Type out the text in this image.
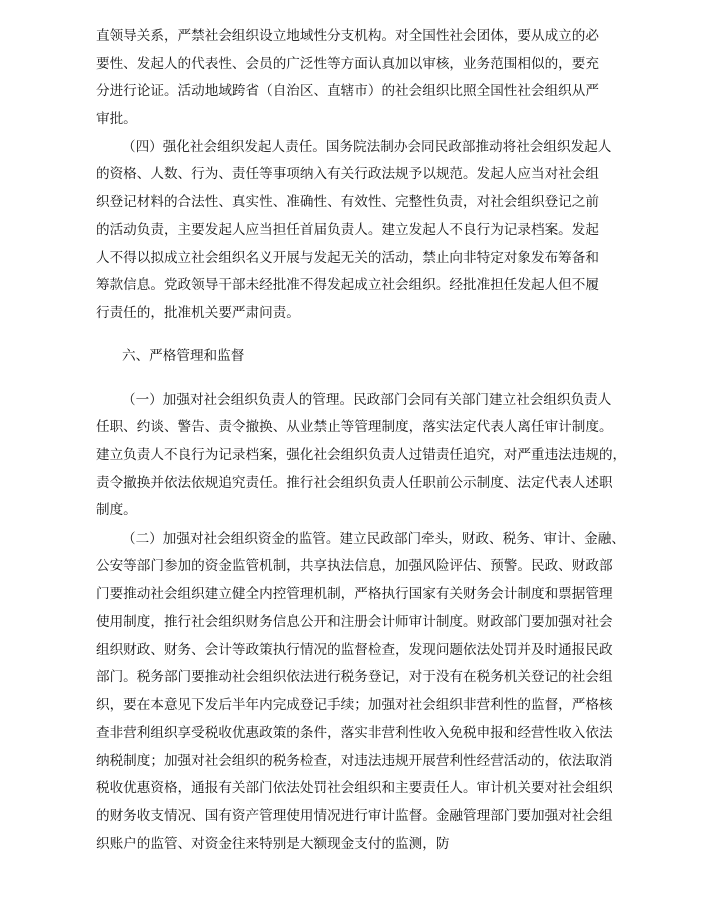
直领导关系，严禁社会组织设立地域性分支机构。对全国性社会团体，要从成立的必
要性、发起人的代表性、会员的广泛性等方面认真加以审核，业务范围相似的，要充
分进行论证。活动地域跨省（自治区、直辖市）的社会组织比照全国性社会组织从严
审批。
（四）强化社会组织发起人责任。国务院法制办会同民政部推动将社会组织发起人
的资格、人数、行为、责任等事项纳入有关行政法规予以规范。发起人应当对社会组
织登记材料的合法性、真实性、准确性、有效性、完整性负责，对社会组织登记之前
的活动负责，主要发起人应当担任首届负责人。建立发起人不良行为记录档案。发起
人不得以拟成立社会组织名义开展与发起无关的活动，禁止向非特定对象发布筹备和
筹款信息。党政领导干部未经批准不得发起成立社会组织。经批准担任发起人但不履
行责任的，批准机关要严肃问责。
六、严格管理和监督
（一）加强对社会组织负责人的管理。民政部门会同有关部门建立社会组织负责人
任职、约谈、警告、责令撤换、从业禁止等管理制度，落实法定代表人离任审计制度。
建立负责人不良行为记录档案，强化社会组织负责人过错责任追究，对严重违法违规的，
责令撤换并依法依规追究责任。推行社会组织负责人任职前公示制度、法定代表人述职
制度。
（二）加强对社会组织资金的监管。建立民政部门牵头，财政、税务、审计、金融、
公安等部门参加的资金监管机制，共享执法信息，加强风险评估、预警。民政、财政部
门要推动社会组织建立健全内控管理机制，严格执行国家有关财务会计制度和票据管理
使用制度，推行社会组织财务信息公开和注册会计师审计制度。财政部门要加强对社会
组织财政、财务、会计等政策执行情况的监督检查，发现问题依法处罚并及时通报民政
部门。税务部门要推动社会组织依法进行税务登记，对于没有在税务机关登记的社会组
织，要在本意见下发后半年内完成登记手续；加强对社会组织非营利性的监督，严格核
查非营利组织享受税收优惠政策的条件，落实非营利性收入免税申报和经营性收入依法
纳税制度；加强对社会组织的税务检查，对违法违规开展营利性经营活动的，依法取消
税收优惠资格，通报有关部门依法处罚社会组织和主要责任人。审计机关要对社会组织
的财务收支情况、国有资产管理使用情况进行审计监督。金融管理部门要加强对社会组
织账户的监管、对资金往来特别是大额现金支付的监测，防
